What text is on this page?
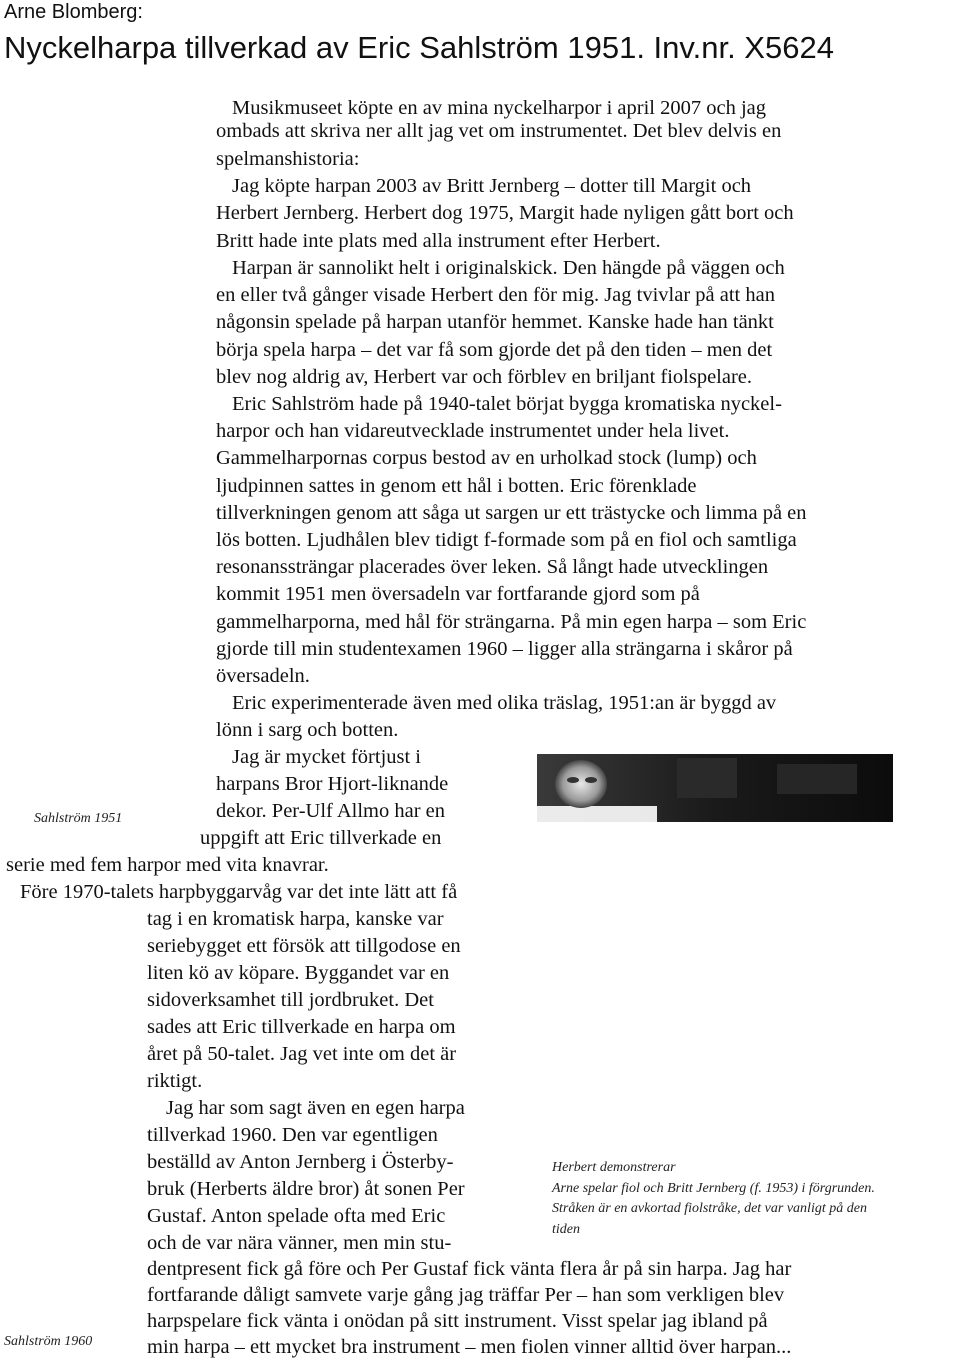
Arne Blomberg:
Nyckelharpa tillverkad av Eric Sahlström 1951. Inv.nr. X5624
Musikmuseet köpte en av mina nyckelharpor i april 2007 och jag
ombads att skriva ner allt jag vet om instrumentet. Det blev delvis en
spelmanshistoria:
Jag köpte harpan 2003 av Britt Jernberg – dotter till Margit och
Herbert Jernberg. Herbert dog 1975, Margit hade nyligen gått bort och
Britt hade inte plats med alla instrument efter Herbert.
Harpan är sannolikt helt i originalskick. Den hängde på väggen och
en eller två gånger visade Herbert den för mig. Jag tvivlar på att han
någonsin spelade på harpan utanför hemmet. Kanske hade han tänkt
börja spela harpa – det var få som gjorde det på den tiden – men det
blev nog aldrig av, Herbert var och förblev en briljant fiolspelare.
Eric Sahlström hade på 1940-talet börjat bygga kromatiska nyckel-
harpor och han vidareutvecklade instrumentet under hela livet.
Gammelharpornas corpus bestod av en urholkad stock (lump) och
ljudpinnen sattes in genom ett hål i botten. Eric förenklade
tillverkningen genom att såga ut sargen ur ett trästycke och limma på en
lös botten. Ljudhålen blev tidigt f-formade som på en fiol och samtliga
resonanssträngar placerades över leken. Så långt hade utvecklingen
kommit 1951 men översadeln var fortfarande gjord som på
gammelharporna, med hål för strängarna. På min egen harpa – som Eric
gjorde till min studentexamen 1960 – ligger alla strängarna i skåror på
översadeln.
Eric experimenterade även med olika träslag, 1951:an är byggd av
lönn i sarg och botten.
Jag är mycket förtjust i
harpans Bror Hjort-liknande
dekor. Per-Ulf Allmo har en
uppgift att Eric tillverkade en
serie med fem harpor med vita knavrar.
Före 1970-talets harpbyggarvåg var det inte lätt att få
tag i en kromatisk harpa, kanske var
seriebygget ett försök att tillgodose en
liten kö av köpare. Byggandet var en
sidoverksamhet till jordbruket. Det
sades att Eric tillverkade en harpa om
året på 50-talet. Jag vet inte om det är
riktigt.
Jag har som sagt även en egen harpa
tillverkad 1960. Den var egentligen
beställd av Anton Jernberg i Österby-
bruk (Herberts äldre bror) åt sonen Per
Gustaf. Anton spelade ofta med Eric
och de var nära vänner, men min stu-
dentpresent fick gå före och Per Gustaf fick vänta flera år på sin harpa. Jag har
fortfarande dåligt samvete varje gång jag träffar Per – han som verkligen blev
harpspelare fick vänta i onödan på sitt instrument. Visst spelar jag ibland på
min harpa – ett mycket bra instrument – men fiolen vinner alltid över harpan...
Sahlström 1951
Herbert demonstrerar
Arne spelar fiol och Britt Jernberg (f. 1953) i förgrunden.
Stråken är en avkortad fiolstråke, det var vanligt på den
tiden
Sahlström 1960
